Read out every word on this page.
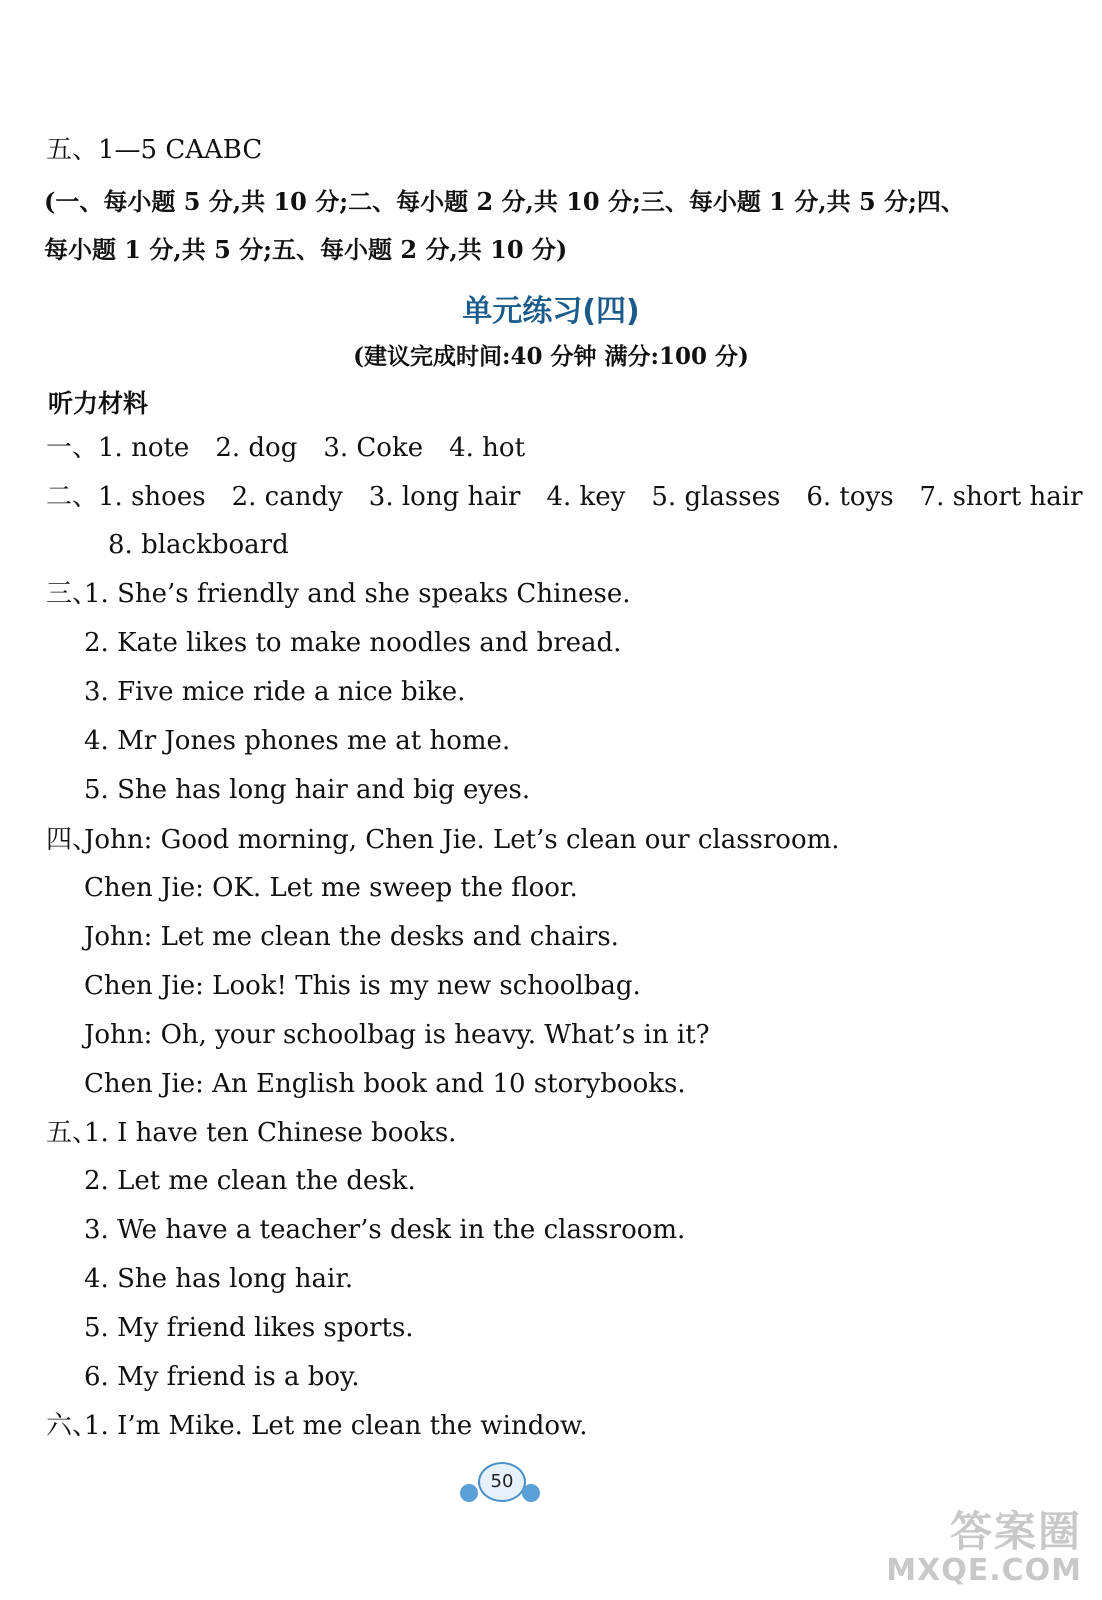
五、1—5 CAABC
(一、每小题 5 分,共 10 分;二、每小题 2 分,共 10 分;三、每小题 1 分,共 5 分;四、
每小题 1 分,共 5 分;五、每小题 2 分,共 10 分)
单元练习(四)
(建议完成时间:40 分钟 满分:100 分)
听力材料
一、1. note 2. dog 3. Coke 4. hot
二、1. shoes 2. candy 3. long hair 4. key 5. glasses 6. toys 7. short hair
8. blackboard
三、
1. She’s friendly and she speaks Chinese.
2. Kate likes to make noodles and bread.
3. Five mice ride a nice bike.
4. Mr Jones phones me at home.
5. She has long hair and big eyes.
四、
John: Good morning, Chen Jie. Let’s clean our classroom.
Chen Jie: OK. Let me sweep the floor.
John: Let me clean the desks and chairs.
Chen Jie: Look! This is my new schoolbag.
John: Oh, your schoolbag is heavy. What’s in it?
Chen Jie: An English book and 10 storybooks.
五、
1. I have ten Chinese books.
2. Let me clean the desk.
3. We have a teacher’s desk in the classroom.
4. She has long hair.
5. My friend likes sports.
6. My friend is a boy.
六、
1. I’m Mike. Let me clean the window.
50
答案圈
MXQE.COM
